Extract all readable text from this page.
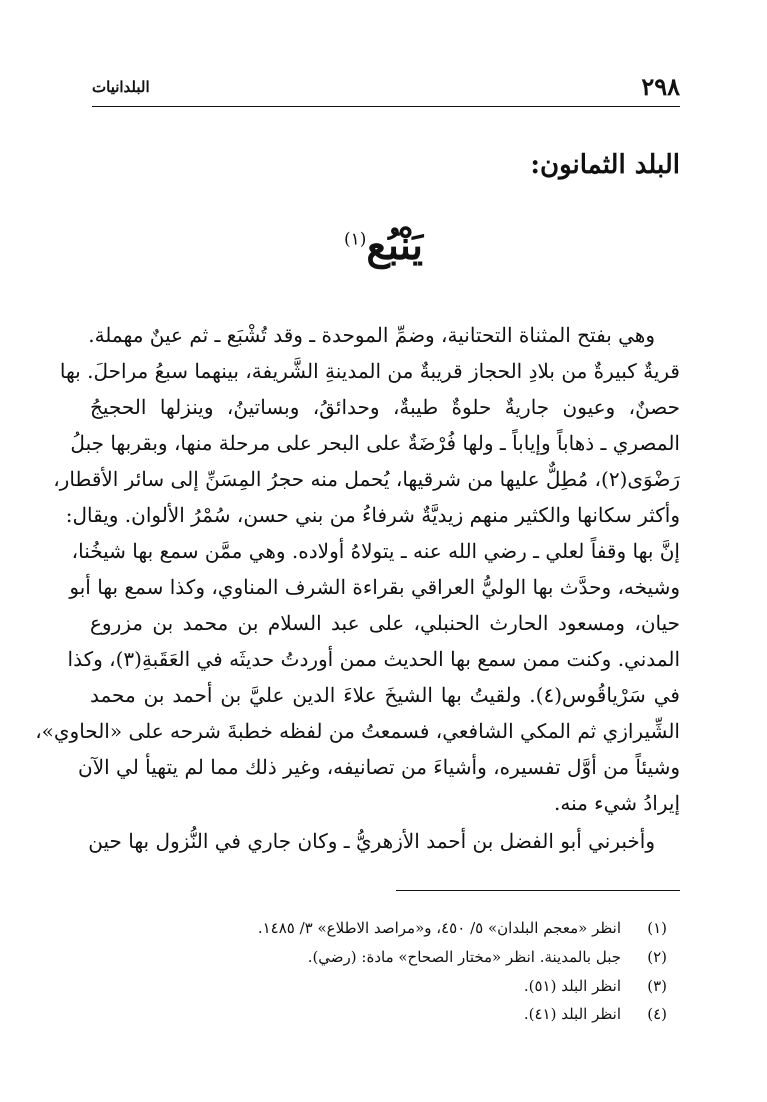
٢٩٨
البلدانيات
البلد الثمانون:
يَنْبُع$^{(١)}$
وهي بفتح المثناة التحتانية، وضمِّ الموحدة ـ وقد تُشْبَع ـ ثم عينٌ مهملة.
قريةٌ كبيرةٌ من بلادِ الحجاز قريبةٌ من المدينةِ الشَّريفة، بينهما سبعُ مراحلَ. بها
حصنٌ، وعيون جاريةٌ حلوةٌ طيبةٌ، وحدائقُ، وبساتينُ، وينزلها الحجيجُ
المصري ـ ذهاباً وإياباً ـ ولها فُرْضَةٌ على البحر على مرحلة منها، وبقربها جبلُ
رَضْوَى(٢)، مُطِلٌّ عليها من شرقيها، يُحمل منه حجرُ المِسَنِّ إلى سائر الأقطار،
وأكثر سكانها والكثير منهم زيديَّةٌ شرفاءُ من بني حسن، سُمْرُ الألوان. ويقال:
إنَّ بها وقفاً لعلي ـ رضي الله عنه ـ يتولاهُ أولاده. وهي ممَّن سمع بها شيخُنا،
وشيخه، وحدَّث بها الوليُّ العراقي بقراءة الشرف المناوي، وكذا سمع بها أبو
حيان، ومسعود الحارث الحنبلي، على عبد السلام بن محمد بن مزروع
المدني. وكنت ممن سمع بها الحديث ممن أوردتُ حديثَه في العَقَبةِ(٣)، وكذا
في سَرْياقُوس(٤). ولقيتُ بها الشيخَ علاءَ الدين عليَّ بن أحمد بن محمد
الشِّيرازي ثم المكي الشافعي، فسمعتُ من لفظه خطبةَ شرحه على «الحاوي»،
وشيئاً من أوَّل تفسيره، وأشياءَ من تصانيفه، وغير ذلك مما لم يتهيأ لي الآن
إيرادُ شيء منه.
وأخبرني أبو الفضل بن أحمد الأزهريُّ ـ وكان جاري في النُّزول بها حين
(١)انظر «معجم البلدان» ٥/ ٤٥٠، و«مراصد الاطلاع» ٣/ ١٤٨٥.
(٢)جبل بالمدينة. انظر «مختار الصحاح» مادة: (رضي).
(٣)انظر البلد (٥١).
(٤)انظر البلد (٤١).
